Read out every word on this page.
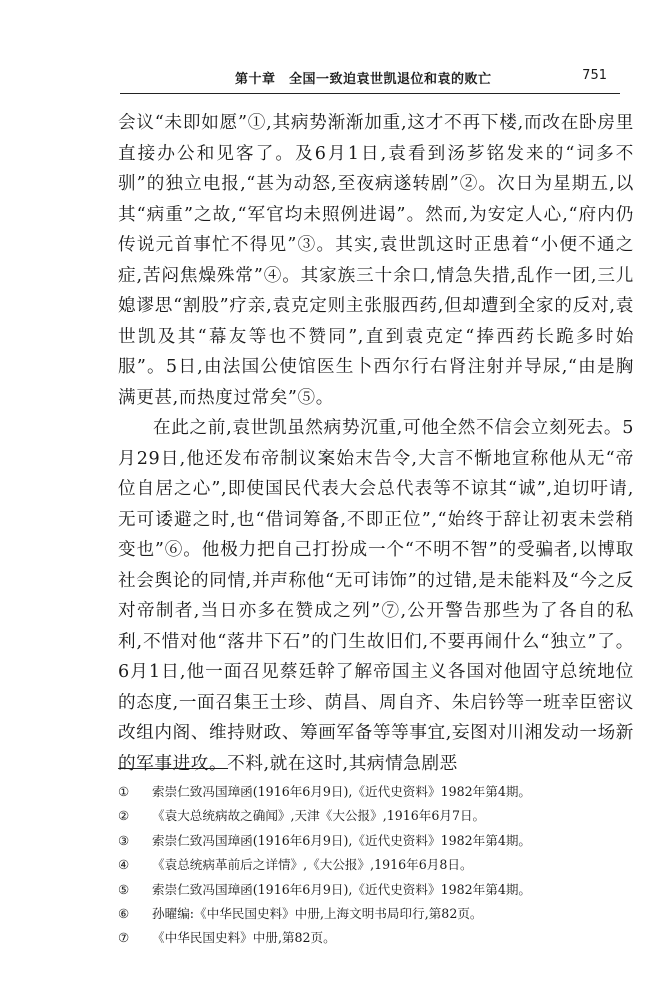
第十章　全国一致迫袁世凯退位和袁的败亡	751

会议“未即如愿”①,其病势渐渐加重,这才不再下楼,而改在卧房里直接办公和见客了。及6月1日,袁看到汤芗铭发来的“词多不驯”的独立电报,“甚为动怒,至夜病遂转剧”②。次日为星期五,以其“病重”之故,“军官均未照例进谒”。然而,为安定人心,“府内仍传说元首事忙不得见”③。其实,袁世凯这时正患着“小便不通之症,苦闷焦燥殊常”④。其家族三十余口,情急失措,乱作一团,三儿媳谬思“割股”疗亲,袁克定则主张服西药,但却遭到全家的反对,袁世凯及其“幕友等也不赞同”,直到袁克定“捧西药长跪多时始服”。5日,由法国公使馆医生卜西尔行右肾注射并导尿,“由是胸满更甚,而热度过常矣”⑤。

在此之前,袁世凯虽然病势沉重,可他全然不信会立刻死去。5月29日,他还发布帝制议案始末告令,大言不惭地宣称他从无“帝位自居之心”,即使国民代表大会总代表等不谅其“诚”,迫切吁请,无可诿避之时,也“借词筹备,不即正位”,“始终于辞让初衷未尝稍变也”⑥。他极力把自己打扮成一个“不明不智”的受骗者,以博取社会舆论的同情,并声称他“无可讳饰”的过错,是未能料及“今之反对帝制者,当日亦多在赞成之列”⑦,公开警告那些为了各自的私利,不惜对他“落井下石”的门生故旧们,不要再闹什么“独立”了。6月1日,他一面召见蔡廷幹了解帝国主义各国对他固守总统地位的态度,一面召集王士珍、荫昌、周自齐、朱启钤等一班幸臣密议改组内阁、维持财政、筹画军备等等事宜,妄图对川湘发动一场新的军事进攻。不料,就在这时,其病情急剧恶

①	索崇仁致冯国璋函(1916年6月9日),《近代史资料》1982年第4期。
②	《袁大总统病故之确闻》,天津《大公报》,1916年6月7日。
③	索崇仁致冯国璋函(1916年6月9日),《近代史资料》1982年第4期。
④	《袁总统病革前后之详情》,《大公报》,1916年6月8日。
⑤	索崇仁致冯国璋函(1916年6月9日),《近代史资料》1982年第4期。
⑥	孙曜编:《中华民国史料》中册,上海文明书局印行,第82页。
⑦	《中华民国史料》中册,第82页。
